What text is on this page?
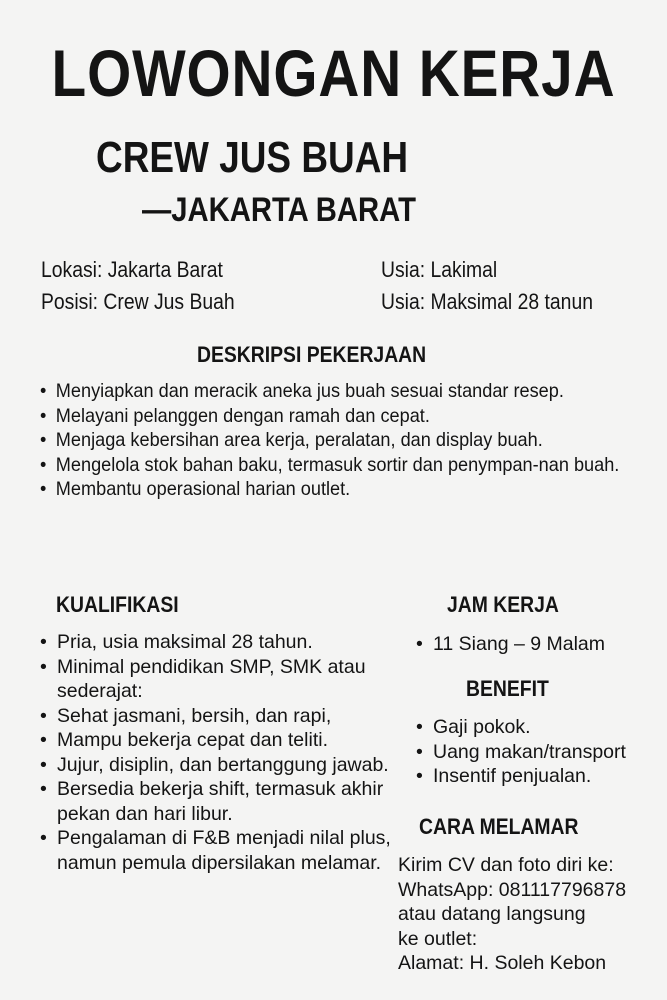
LOWONGAN KERJA
CREW JUS BUAH
—JAKARTA BARAT
Lokasi: Jakarta Barat
Posisi: Crew Jus Buah
Usia: Lakimal
Usia: Maksimal 28 tanun
DESKRIPSI PEKERJAAN
• Menyiapkan dan meracik aneka jus buah sesuai standar resep.
• Melayani pelanggen dengan ramah dan cepat.
• Menjaga kebersihan area kerja, peralatan, dan display buah.
• Mengelola stok bahan baku, termasuk sortir dan penympan-nan buah.
• Membantu operasional harian outlet.
KUALIFIKASI
• Pria, usia maksimal 28 tahun.
• Minimal pendidikan SMP, SMK atau sederajat:
• Sehat jasmani, bersih, dan rapi,
• Mampu bekerja cepat dan teliti.
• Jujur, disiplin, dan bertanggung jawab.
• Bersedia bekerja shift, termasuk akhir pekan dan hari libur.
• Pengalaman di F&B menjadi nilal plus, namun pemula dipersilakan melamar.
JAM KERJA
• 11 Siang – 9 Malam
BENEFIT
• Gaji pokok.
• Uang makan/transport
• Insentif penjualan.
CARA MELAMAR
Kirim CV dan foto diri ke:
WhatsApp: 081117796878
atau datang langsung
ke outlet:
Alamat: H. Soleh Kebon
